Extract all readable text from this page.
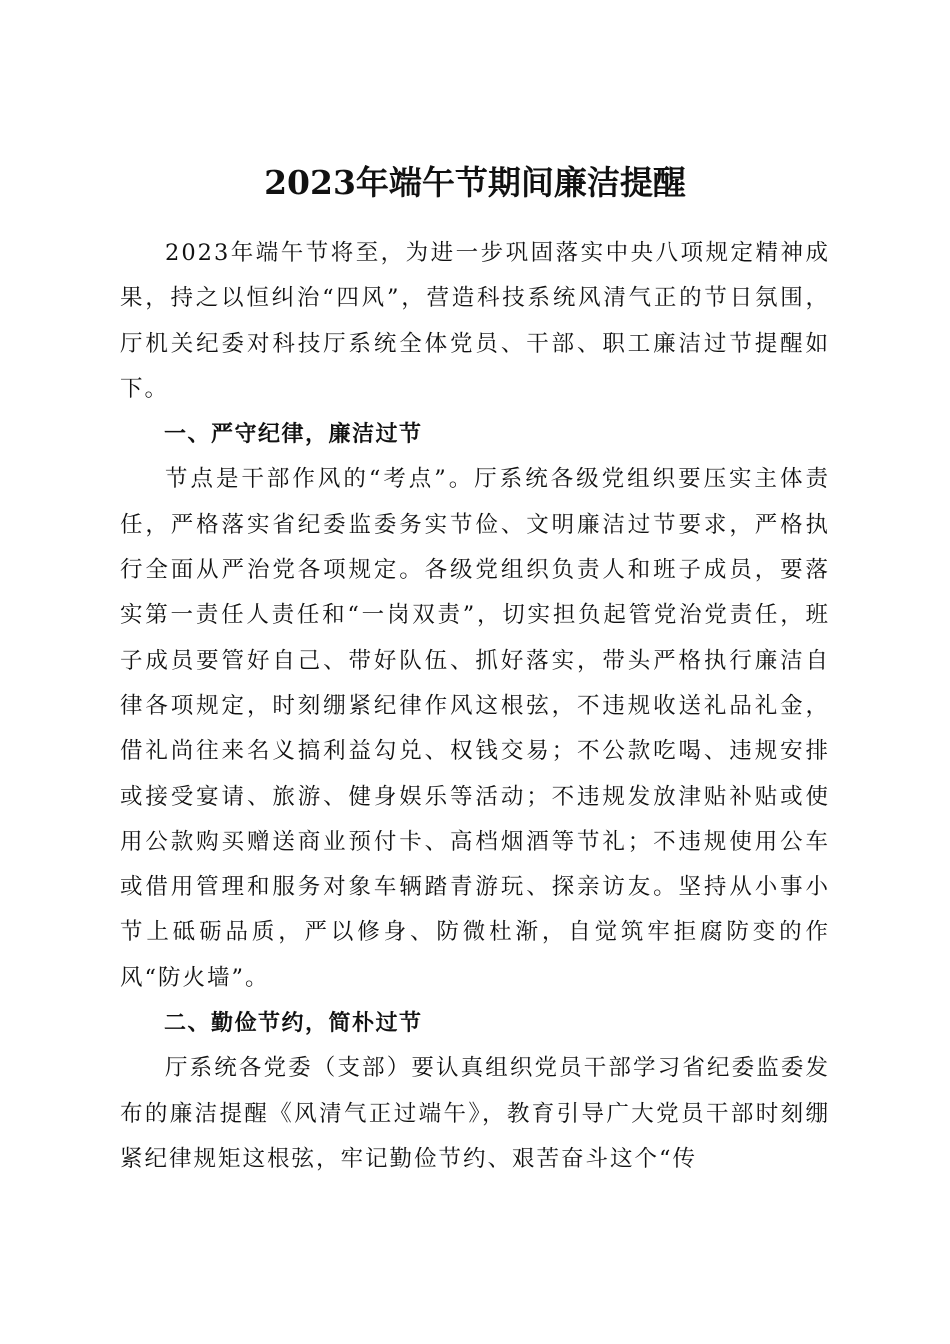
2023年端午节期间廉洁提醒

2023年端午节将至，为进一步巩固落实中央八项规定精神成果，持之以恒纠治“四风”，营造科技系统风清气正的节日氛围，厅机关纪委对科技厅系统全体党员、干部、职工廉洁过节提醒如下。

一、严守纪律，廉洁过节

节点是干部作风的“考点”。厅系统各级党组织要压实主体责任，严格落实省纪委监委务实节俭、文明廉洁过节要求，严格执行全面从严治党各项规定。各级党组织负责人和班子成员，要落实第一责任人责任和“一岗双责”，切实担负起管党治党责任，班子成员要管好自己、带好队伍、抓好落实，带头严格执行廉洁自律各项规定，时刻绷紧纪律作风这根弦，不违规收送礼品礼金，借礼尚往来名义搞利益勾兑、权钱交易；不公款吃喝、违规安排或接受宴请、旅游、健身娱乐等活动；不违规发放津贴补贴或使用公款购买赠送商业预付卡、高档烟酒等节礼；不违规使用公车或借用管理和服务对象车辆踏青游玩、探亲访友。坚持从小事小节上砥砺品质，严以修身、防微杜渐，自觉筑牢拒腐防变的作风“防火墙”。

二、勤俭节约，简朴过节

厅系统各党委（支部）要认真组织党员干部学习省纪委监委发布的廉洁提醒《风清气正过端午》，教育引导广大党员干部时刻绷紧纪律规矩这根弦，牢记勤俭节约、艰苦奋斗这个“传
